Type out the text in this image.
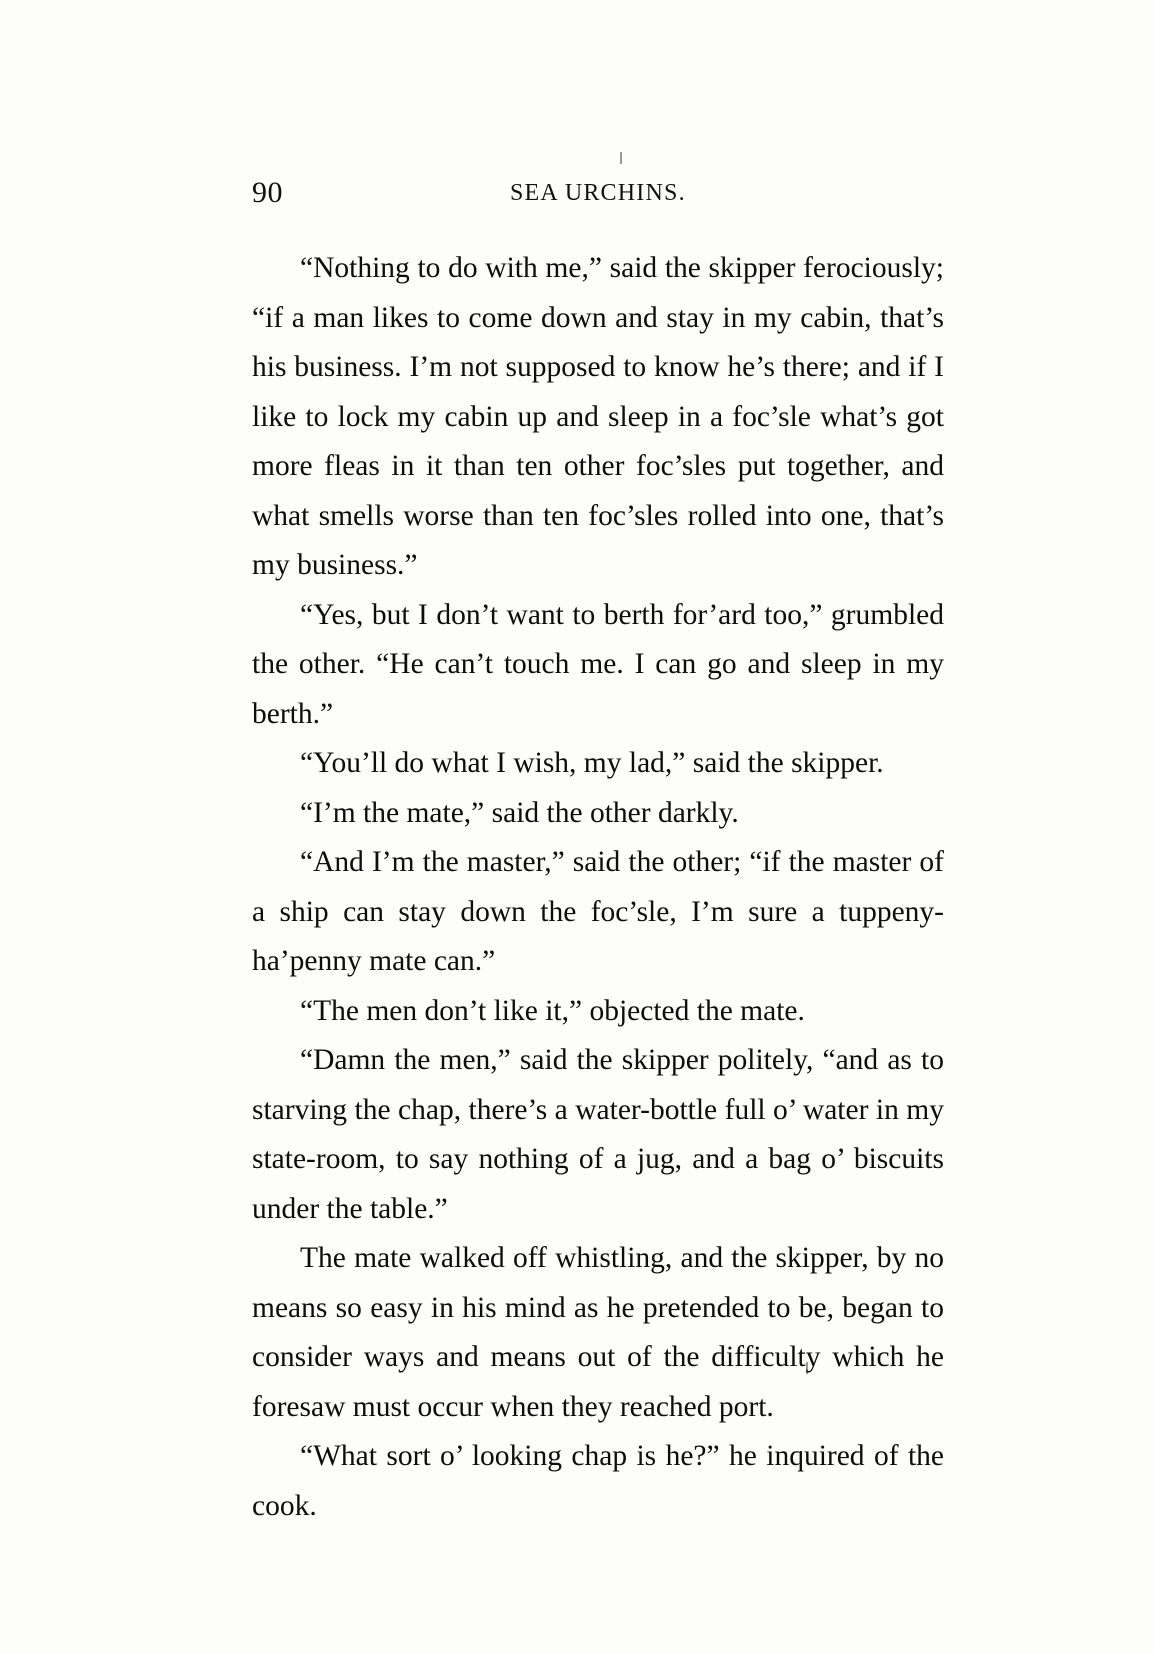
90	SEA URCHINS.

“Nothing to do with me,” said the skipper ferociously; “if a man likes to come down and stay in my cabin, that’s his business. I’m not supposed to know he’s there; and if I like to lock my cabin up and sleep in a foc’sle what’s got more fleas in it than ten other foc’sles put together, and what smells worse than ten foc’sles rolled into one, that’s my business.”

“Yes, but I don’t want to berth for’ard too,” grumbled the other. “He can’t touch me. I can go and sleep in my berth.”

“You’ll do what I wish, my lad,” said the skipper.

“I’m the mate,” said the other darkly.

“And I’m the master,” said the other; “if the master of a ship can stay down the foc’sle, I’m sure a tuppeny-ha’penny mate can.”

“The men don’t like it,” objected the mate.

“Damn the men,” said the skipper politely, “and as to starving the chap, there’s a water-bottle full o’ water in my state-room, to say nothing of a jug, and a bag o’ biscuits under the table.”

The mate walked off whistling, and the skipper, by no means so easy in his mind as he pretended to be, began to consider ways and means out of the difficulty which he foresaw must occur when they reached port.

“What sort o’ looking chap is he?” he inquired of the cook.
